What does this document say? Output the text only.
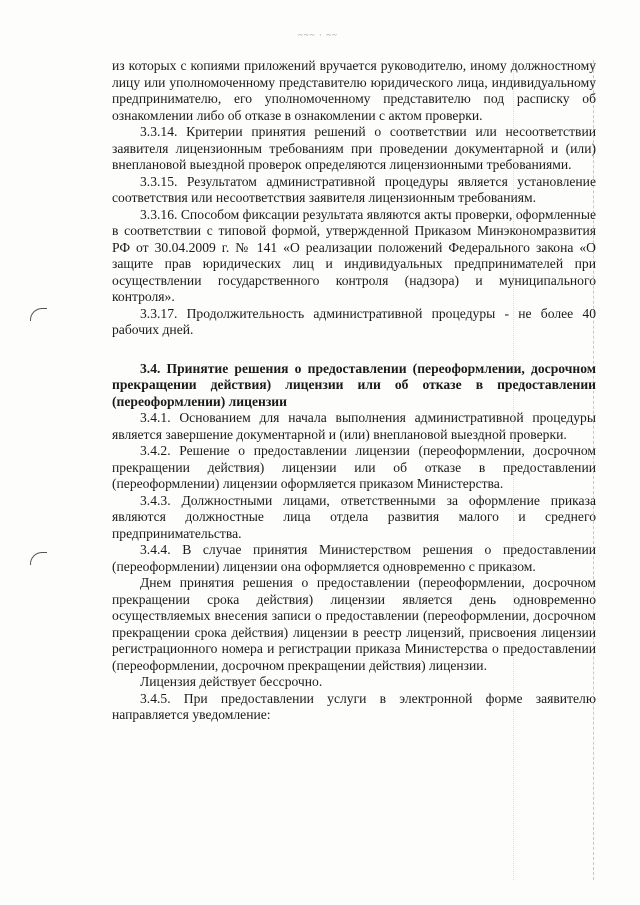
~~~ · ~~

из которых с копиями приложений вручается руководителю, иному должностному лицу или уполномоченному представителю юридического лица, индивидуальному предпринимателю, его уполномоченному представителю под расписку об ознакомлении либо об отказе в ознакомлении с актом проверки.

3.3.14. Критерии принятия решений о соответствии или несоответствии заявителя лицензионным требованиям при проведении документарной и (или) внеплановой выездной проверок определяются лицензионными требованиями.

3.3.15. Результатом административной процедуры является установление соответствия или несоответствия заявителя лицензионным требованиям.

3.3.16. Способом фиксации результата являются акты проверки, оформленные в соответствии с типовой формой, утвержденной Приказом Минэкономразвития РФ от 30.04.2009 г. № 141 «О реализации положений Федерального закона «О защите прав юридических лиц и индивидуальных предпринимателей при осуществлении государственного контроля (надзора) и муниципального контроля».

3.3.17. Продолжительность административной процедуры - не более 40 рабочих дней.

3.4. Принятие решения о предоставлении (переоформлении, досрочном прекращении действия) лицензии или об отказе в предоставлении (переоформлении) лицензии

3.4.1. Основанием для начала выполнения административной процедуры является завершение документарной и (или) внеплановой выездной проверки.

3.4.2. Решение о предоставлении лицензии (переоформлении, досрочном прекращении действия) лицензии или об отказе в предоставлении (переоформлении) лицензии оформляется приказом Министерства.

3.4.3. Должностными лицами, ответственными за оформление приказа являются должностные лица отдела развития малого и среднего предпринимательства.

3.4.4. В случае принятия Министерством решения о предоставлении (переоформлении) лицензии она оформляется одновременно с приказом.

Днем принятия решения о предоставлении (переоформлении, досрочном прекращении срока действия) лицензии является день одновременно осуществляемых внесения записи о предоставлении (переоформлении, досрочном прекращении срока действия) лицензии в реестр лицензий, присвоения лицензии регистрационного номера и регистрации приказа Министерства о предоставлении (переоформлении, досрочном прекращении действия) лицензии.

Лицензия действует бессрочно.

3.4.5. При предоставлении услуги в электронной форме заявителю направляется уведомление:
